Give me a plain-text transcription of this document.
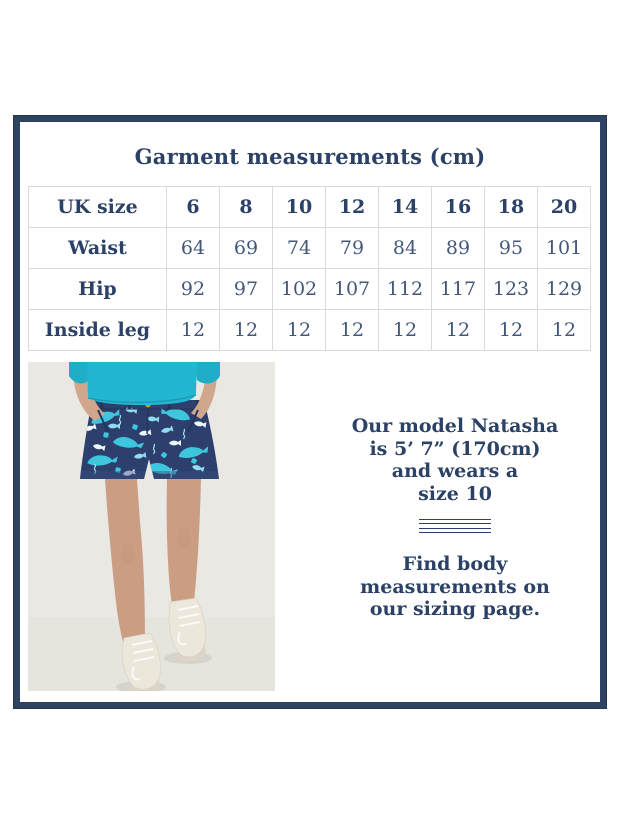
Garment measurements (cm)
UK size	6	8	10	12	14	16	18	20
Waist	64	69	74	79	84	89	95	101
Hip	92	97	102	107	112	117	123	129
Inside leg	12	12	12	12	12	12	12	12
Our model Natasha
is 5’ 7” (170cm)
and wears a
size 10
Find body
measurements on
our sizing page.
